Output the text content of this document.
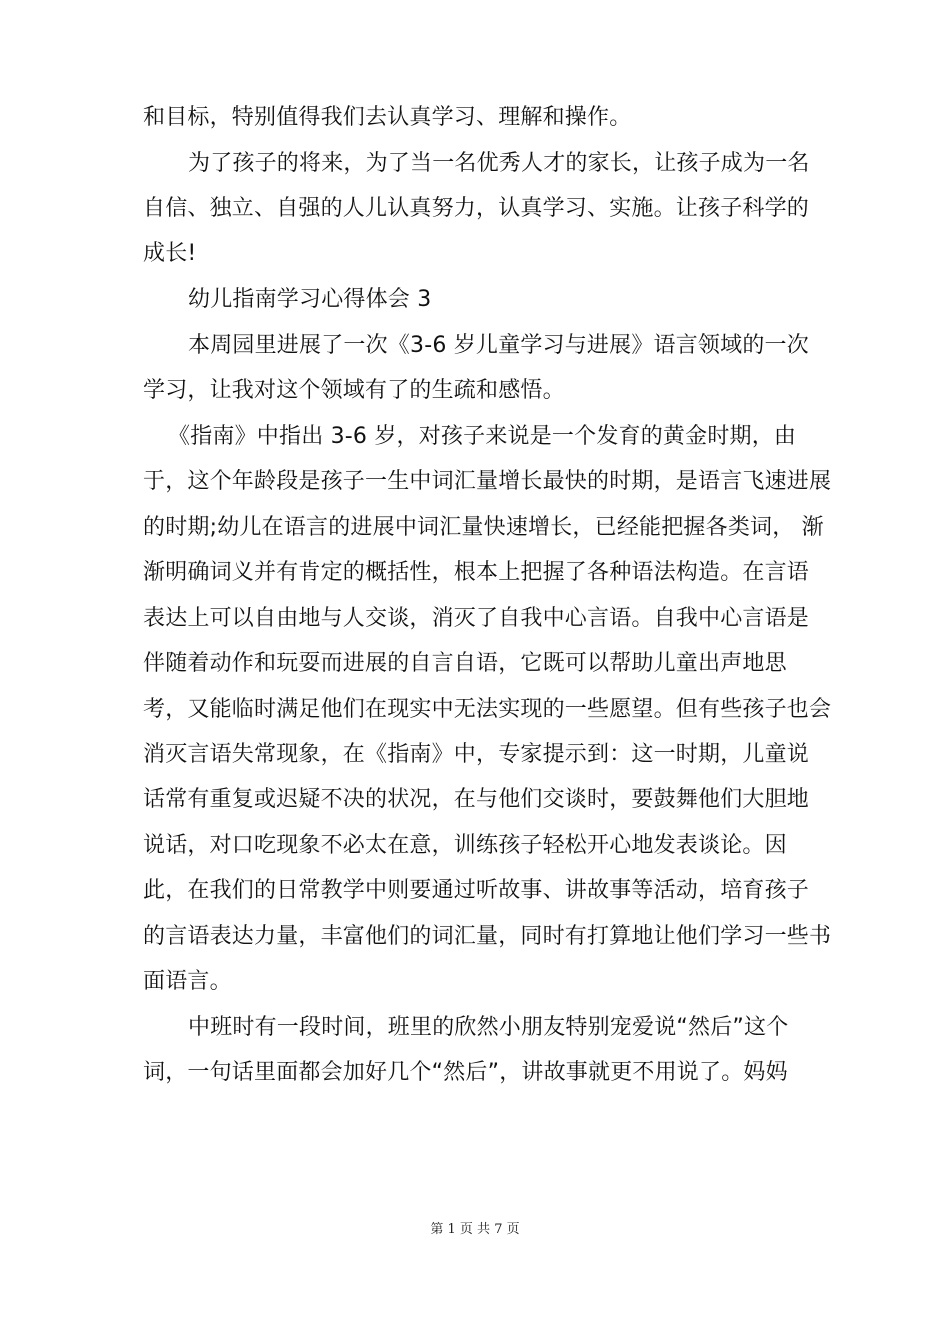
和目标，特别值得我们去认真学习、理解和操作。
为了孩子的将来，为了当一名优秀人才的家长，让孩子成为一名
自信、独立、自强的人儿认真努力，认真学习、实施。让孩子科学的
成长!
幼儿指南学习心得体会 3
本周园里进展了一次《3-6 岁儿童学习与进展》语言领域的一次
学习，让我对这个领域有了的生疏和感悟。
《指南》中指出 3-6 岁，对孩子来说是一个发育的黄金时期，由
于，这个年龄段是孩子一生中词汇量增长最快的时期，是语言飞速进展
的时期;幼儿在语言的进展中词汇量快速增长，已经能把握各类词， 渐
渐明确词义并有肯定的概括性，根本上把握了各种语法构造。在言语
表达上可以自由地与人交谈，消灭了自我中心言语。自我中心言语是
伴随着动作和玩耍而进展的自言自语，它既可以帮助儿童出声地思
考，又能临时满足他们在现实中无法实现的一些愿望。但有些孩子也会
消灭言语失常现象，在《指南》中，专家提示到：这一时期，儿童说
话常有重复或迟疑不决的状况，在与他们交谈时，要鼓舞他们大胆地
说话，对口吃现象不必太在意，训练孩子轻松开心地发表谈论。因
此，在我们的日常教学中则要通过听故事、讲故事等活动，培育孩子
的言语表达力量，丰富他们的词汇量，同时有打算地让他们学习一些书
面语言。
中班时有一段时间，班里的欣然小朋友特别宠爱说“然后”这个
词，一句话里面都会加好几个“然后”，讲故事就更不用说了。妈妈
第 1 页 共 7 页
